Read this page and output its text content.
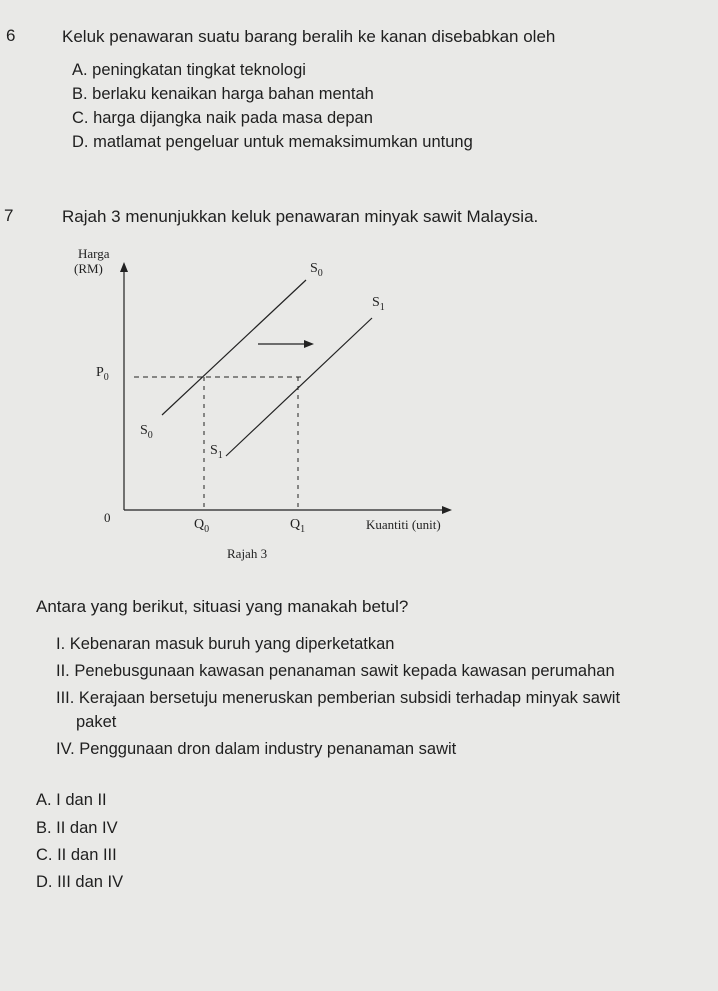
6	Keluk penawaran suatu barang beralih ke kanan disebabkan oleh
A. peningkatan tingkat teknologi
B. berlaku kenaikan harga bahan mentah
C. harga dijangka naik pada masa depan
D. matlamat pengeluar untuk memaksimumkan untung
7	Rajah 3 menunjukkan keluk penawaran minyak sawit Malaysia.
Harga
(RM)
0	Kuantiti (unit)
$P_0$
$Q_0$	$Q_1$
$S_0$
$S_1$
$S_0$
$S_1$
Rajah 3
Antara yang berikut, situasi yang manakah betul?
I. Kebenaran masuk buruh yang diperketatkan
II. Penebusgunaan kawasan penanaman sawit kepada kawasan perumahan
III. Kerajaan bersetuju meneruskan pemberian subsidi terhadap minyak sawit
paket
IV. Penggunaan dron dalam industry penanaman sawit
A. I dan II
B. II dan IV
C. II dan III
D. III dan IV
